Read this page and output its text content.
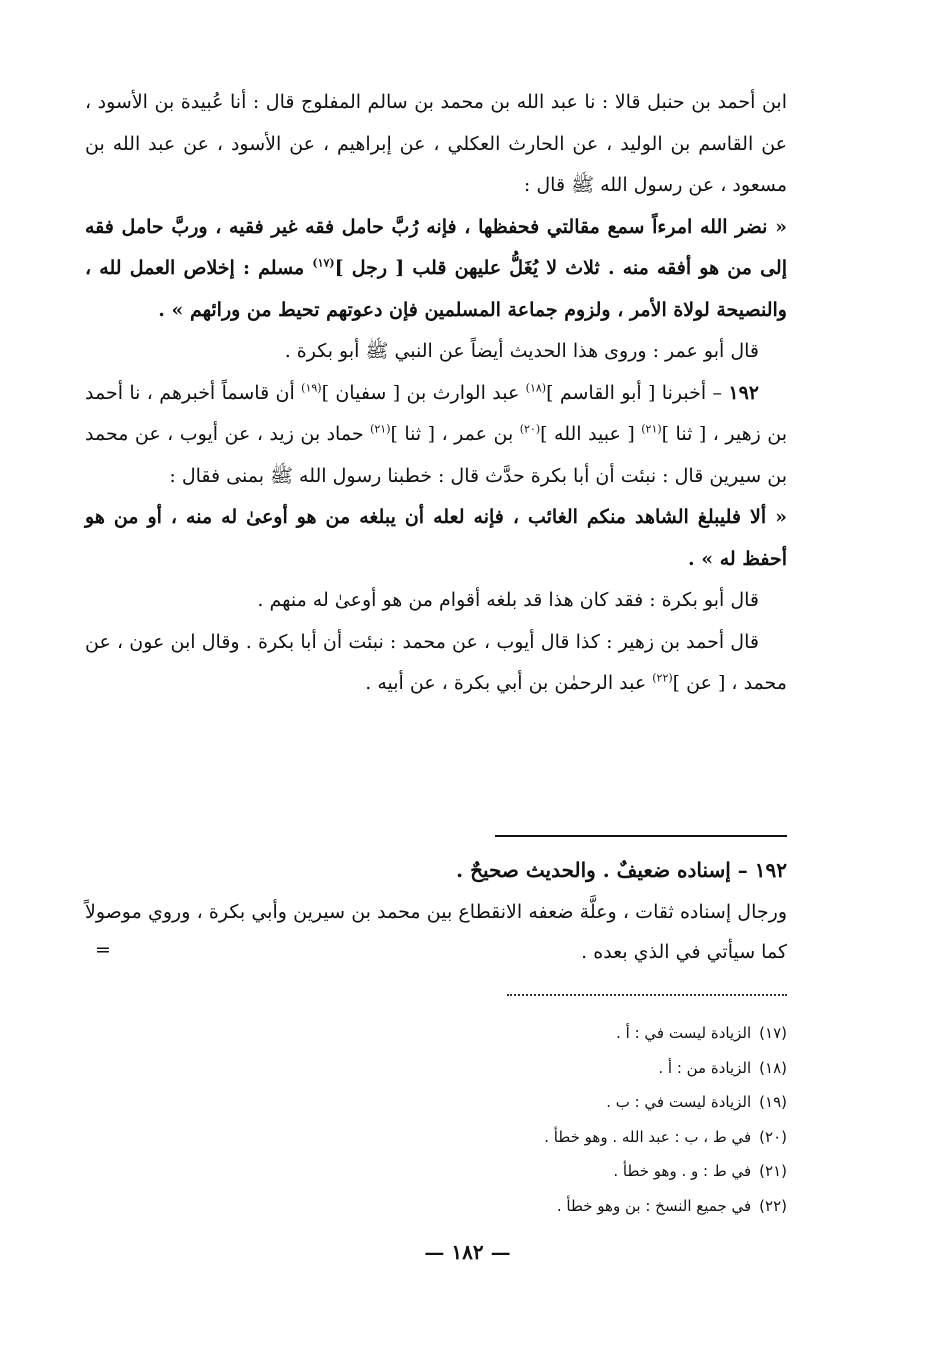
ابن أحمد بن حنبل قالا : نا عبد الله بن محمد بن سالم المفلوج قال : أنا عُبيدة بن الأسود ، عن القاسم بن الوليد ، عن الحارث العكلي ، عن إبراهيم ، عن الأسود ، عن عبد الله بن مسعود ، عن رسول الله ﷺ قال :

« نضر الله امرءاً سمع مقالتي فحفظها ، فإنه رُبَّ حامل فقه غير فقيه ، وربَّ حامل فقه إلى من هو أفقه منه . ثلاث لا يُغَلُّ عليهن قلب [ رجل ]$^{(١٧)}$ مسلم : إخلاص العمل لله ، والنصيحة لولاة الأمر ، ولزوم جماعة المسلمين فإن دعوتهم تحيط من ورائهم » .

قال أبو عمر : وروى هذا الحديث أيضاً عن النبي ﷺ أبو بكرة .

١٩٢ – أخبرنا [ أبو القاسم ]$^{(١٨)}$ عبد الوارث بن [ سفيان ]$^{(١٩)}$ أن قاسماً أخبرهم ، نا أحمد بن زهير ، [ ثنا ]$^{(٢١)}$ [ عبيد الله ]$^{(٢٠)}$ بن عمر ، [ ثنا ]$^{(٢١)}$ حماد بن زيد ، عن أيوب ، عن محمد بن سيرين قال : نبئت أن أبا بكرة حدَّث قال : خطبنا رسول الله ﷺ بمنى فقال :

« ألا فليبلغ الشاهد منكم الغائب ، فإنه لعله أن يبلغه من هو أوعىٰ له منه ، أو من هو أحفظ له » .

قال أبو بكرة : فقد كان هذا قد بلغه أقوام من هو أوعىٰ له منهم .

قال أحمد بن زهير : كذا قال أيوب ، عن محمد : نبئت أن أبا بكرة . وقال ابن عون ، عن محمد ، [ عن ]$^{(٢٢)}$ عبد الرحمٰن بن أبي بكرة ، عن أبيه .

١٩٢ – إسناده ضعيفٌ . والحديث صحيحٌ .

ورجال إسناده ثقات ، وعلَّة ضعفه الانقطاع بين محمد بن سيرين وأبي بكرة ، وروي موصولاً كما سيأتي في الذي بعده .

=
(١٧)الزيادة ليست في : أ .
(١٨)الزيادة من : أ .
(١٩)الزيادة ليست في : ب .
(٢٠)في ط ، ب : عبد الله . وهو خطأ .
(٢١)في ط : و . وهو خطأ .
(٢٢)في جميع النسخ : بن وهو خطأ .
— ١٨٢ —
